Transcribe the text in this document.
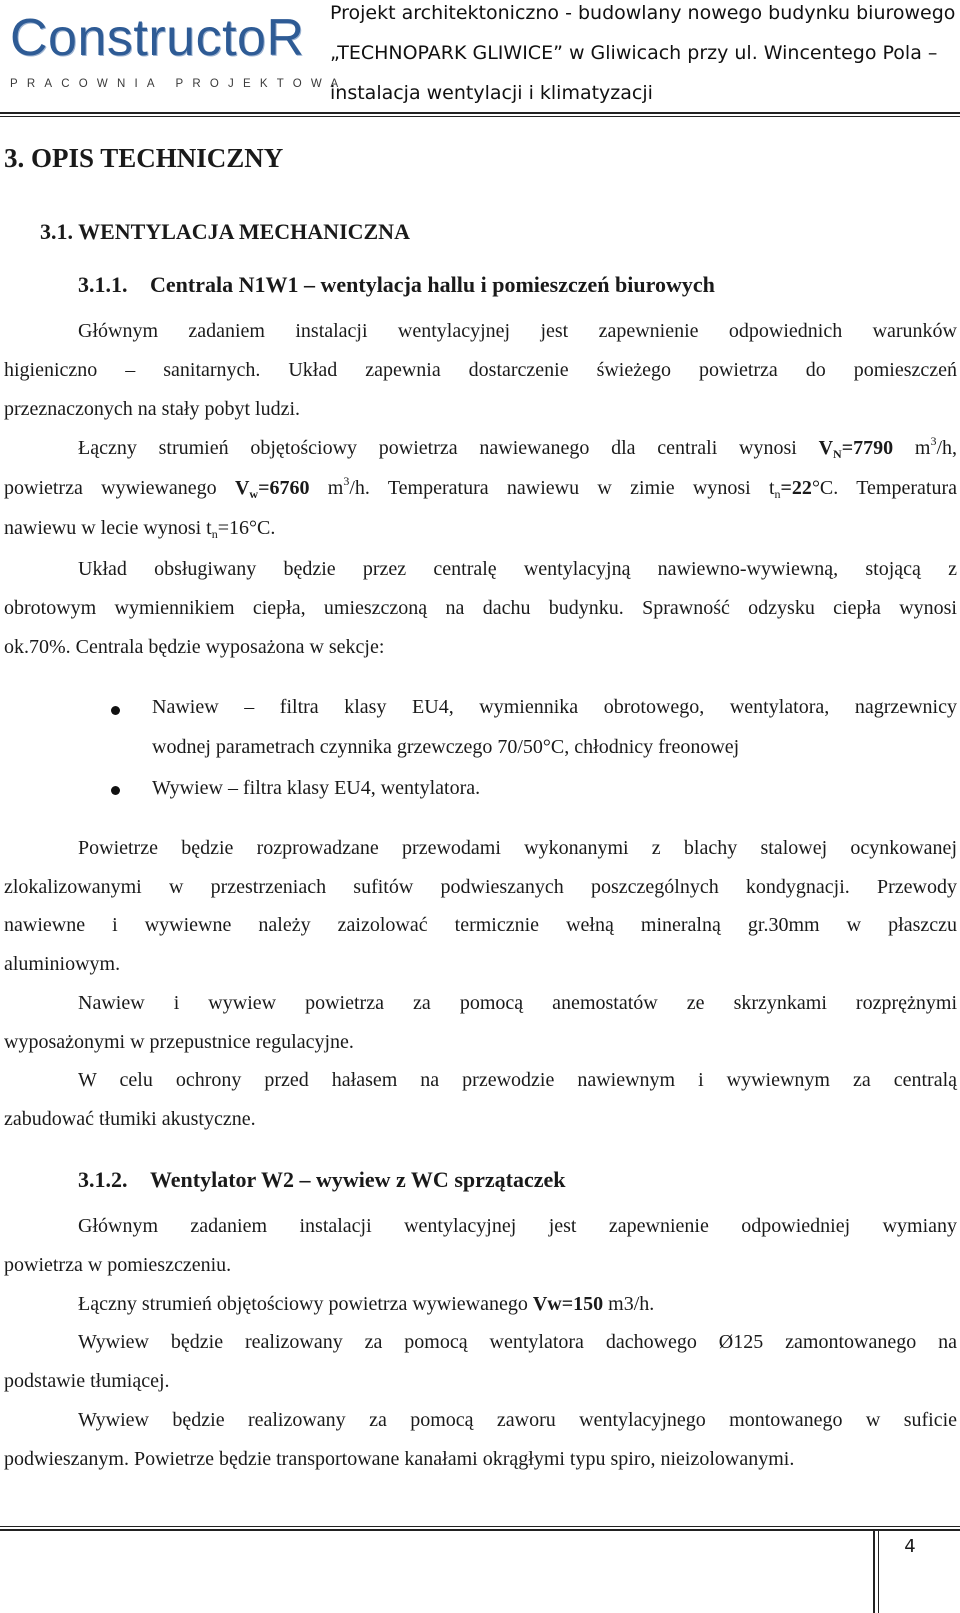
ConstructoR
PRACOWNIA PROJEKTOWA
Projekt architektoniczno - budowlany nowego budynku biurowego
„TECHNOPARK GLIWICE” w Gliwicach przy ul. Wincentego Pola –
instalacja wentylacji i klimatyzacji
3. OPIS TECHNICZNY
3.1. WENTYLACJA MECHANICZNA
3.1.1. Centrala N1W1 – wentylacja hallu i pomieszczeń biurowych
Głównym zadaniem instalacji wentylacyjnej jest zapewnienie odpowiednich warunków
higieniczno – sanitarnych. Układ zapewnia dostarczenie świeżego powietrza do pomieszczeń
przeznaczonych na stały pobyt ludzi.
Łączny strumień objętościowy powietrza nawiewanego dla centrali wynosi $V_N=7790$ $m^3/h$,
powietrza wywiewanego $V_w=6760$ $m^3/h$. Temperatura nawiewu w zimie wynosi $t_n=22^\circ C$. Temperatura
nawiewu w lecie wynosi $t_n=16^\circ C$.
Układ obsługiwany będzie przez centralę wentylacyjną nawiewno-wywiewną, stojącą z
obrotowym wymiennikiem ciepła, umieszczoną na dachu budynku. Sprawność odzysku ciepła wynosi
ok.70%. Centrala będzie wyposażona w sekcje:
Nawiew – filtra klasy EU4, wymiennika obrotowego, wentylatora, nagrzewnicy
wodnej parametrach czynnika grzewczego 70/50°C, chłodnicy freonowej
Wywiew – filtra klasy EU4, wentylatora.
Powietrze będzie rozprowadzane przewodami wykonanymi z blachy stalowej ocynkowanej
zlokalizowanymi w przestrzeniach sufitów podwieszanych poszczególnych kondygnacji. Przewody
nawiewne i wywiewne należy zaizolować termicznie wełną mineralną gr.30mm w płaszczu
aluminiowym.
Nawiew i wywiew powietrza za pomocą anemostatów ze skrzynkami rozprężnymi
wyposażonymi w przepustnice regulacyjne.
W celu ochrony przed hałasem na przewodzie nawiewnym i wywiewnym za centralą
zabudować tłumiki akustyczne.
3.1.2. Wentylator W2 – wywiew z WC sprzątaczek
Głównym zadaniem instalacji wentylacyjnej jest zapewnienie odpowiedniej wymiany
powietrza w pomieszczeniu.
Łączny strumień objętościowy powietrza wywiewanego Vw=150 m3/h.
Wywiew będzie realizowany za pomocą wentylatora dachowego Ø125 zamontowanego na
podstawie tłumiącej.
Wywiew będzie realizowany za pomocą zaworu wentylacyjnego montowanego w suficie
podwieszanym. Powietrze będzie transportowane kanałami okrągłymi typu spiro, nieizolowanymi.
4
